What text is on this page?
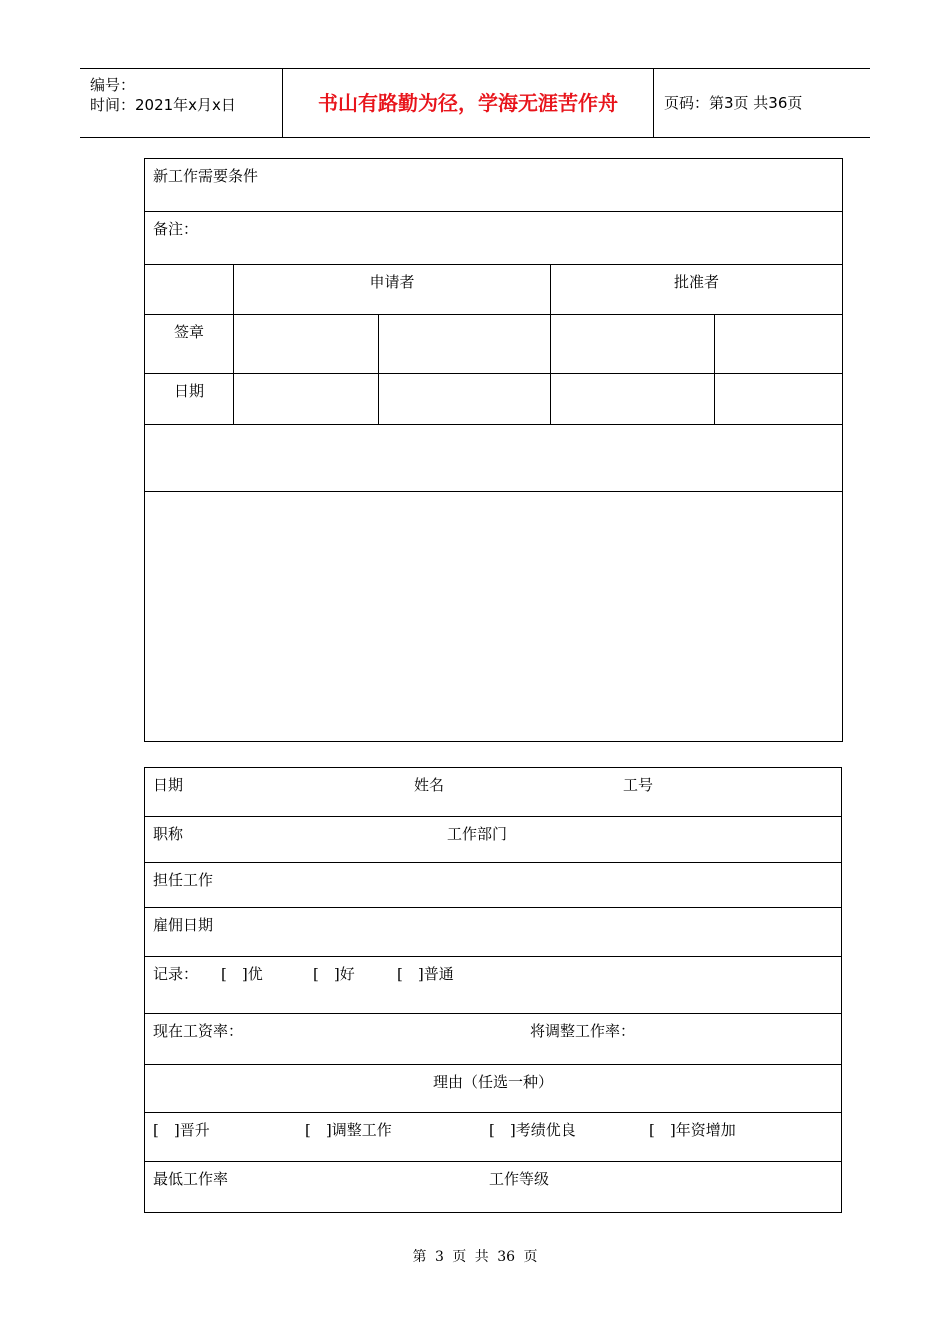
编号：
时间：2021年x月x日	书山有路勤为径，学海无涯苦作舟	页码：第3页 共36页
新工作需要条件				
备注：				
	申请者		批准者	
签章				
日期				

日期	姓名	工号

职称	工作部门

担任工作
雇佣日期

记录： [　]优	[　]好	[　]普通

现在工资率：	将调整工作率：

理由（任选一种）

[　]晋升	[　]调整工作	[　]考绩优良	[　]年资增加

最低工作率	工作等级
第 3 页 共 36 页
